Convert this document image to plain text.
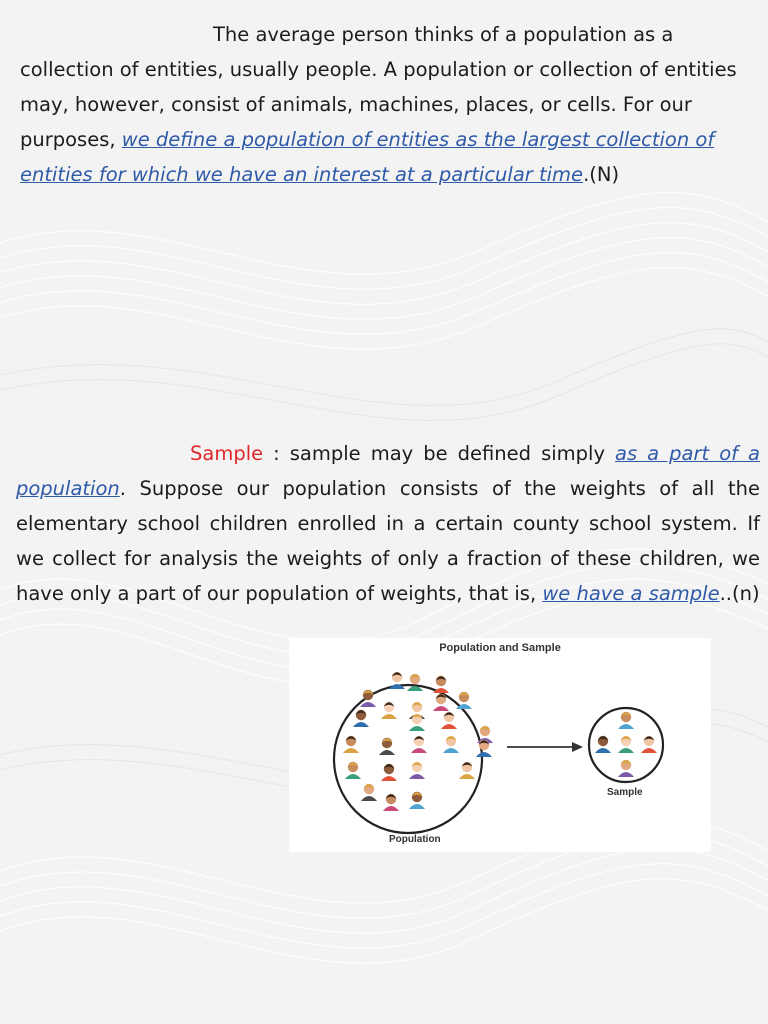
The average person thinks of a population as a collection of entities, usually people. A population or collection of entities may, however, consist of animals, machines, places, or cells. For our purposes, we define a population of entities as the largest collection of entities for which we have an interest at a particular time.(N)

Sample : sample may be defined simply as a part of a population. Suppose our population consists of the weights of all the elementary school children enrolled in a certain county school system. If we collect for analysis the weights of only a fraction of these children, we have only a part of our population of weights, that is, we have a sample..(n)

Population and Sample
Population
Sample
